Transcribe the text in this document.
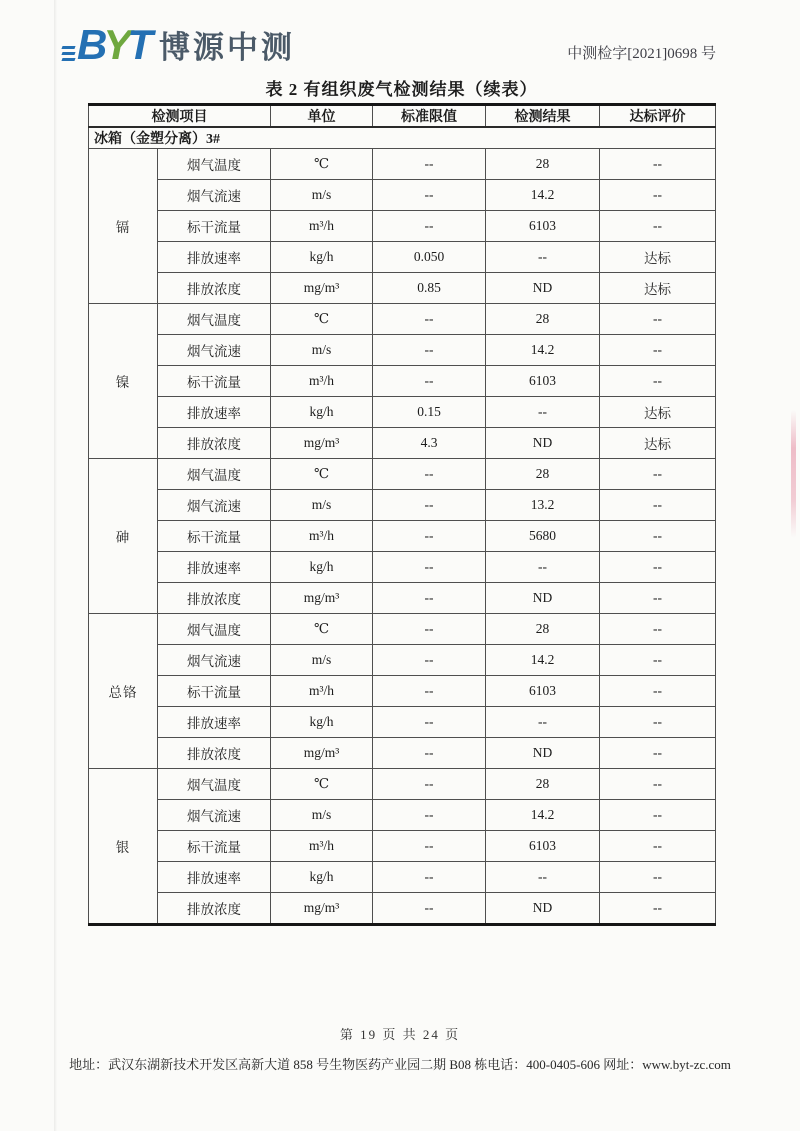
B Y T 博源中测	中测检字[2021]0698 号
表 2 有组织废气检测结果（续表）
检测项目		单位	标准限值	检测结果	达标评价
冰箱（金塑分离）3#					
镉	烟气温度	℃	--	28	--
	烟气流速	m/s	--	14.2	--
	标干流量	m³/h	--	6103	--
	排放速率	kg/h	0.050	--	达标
	排放浓度	mg/m³	0.85	ND	达标
镍	烟气温度	℃	--	28	--
	烟气流速	m/s	--	14.2	--
	标干流量	m³/h	--	6103	--
	排放速率	kg/h	0.15	--	达标
	排放浓度	mg/m³	4.3	ND	达标
砷	烟气温度	℃	--	28	--
	烟气流速	m/s	--	13.2	--
	标干流量	m³/h	--	5680	--
	排放速率	kg/h	--	--	--
	排放浓度	mg/m³	--	ND	--
总铬	烟气温度	℃	--	28	--
	烟气流速	m/s	--	14.2	--
	标干流量	m³/h	--	6103	--
	排放速率	kg/h	--	--	--
	排放浓度	mg/m³	--	ND	--
银	烟气温度	℃	--	28	--
	烟气流速	m/s	--	14.2	--
	标干流量	m³/h	--	6103	--
	排放速率	kg/h	--	--	--
	排放浓度	mg/m³	--	ND	--
第 19 页 共 24 页
地址：武汉东湖新技术开发区高新大道 858 号生物医药产业园二期 B08 栋电话：400-0405-606 网址：www.byt-zc.com
